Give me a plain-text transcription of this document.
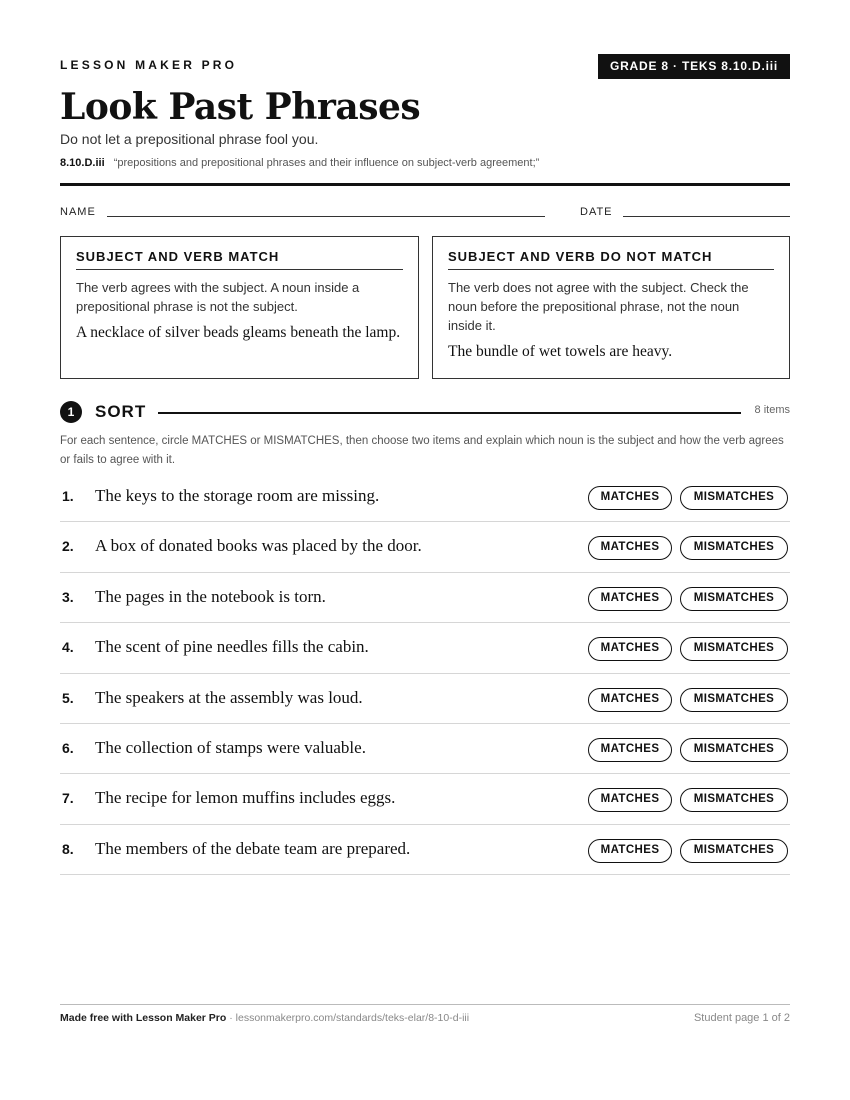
LESSON MAKER PRO	GRADE 8 · TEKS 8.10.D.iii
Look Past Phrases
Do not let a prepositional phrase fool you.
8.10.D.iii “prepositions and prepositional phrases and their influence on subject-verb agreement;”
NAME	DATE
SUBJECT AND VERB MATCH
The verb agrees with the subject. A noun inside a prepositional phrase is not the subject.
A necklace of silver beads gleams beneath the lamp.
SUBJECT AND VERB DO NOT MATCH
The verb does not agree with the subject. Check the noun before the prepositional phrase, not the noun inside it.
The bundle of wet towels are heavy.
1	SORT	8 items
For each sentence, circle MATCHES or MISMATCHES, then choose two items and explain which noun is the subject and how the verb agrees or fails to agree with it.
1. The keys to the storage room are missing.	MATCHES	MISMATCHES
2. A box of donated books was placed by the door.	MATCHES	MISMATCHES
3. The pages in the notebook is torn.	MATCHES	MISMATCHES
4. The scent of pine needles fills the cabin.	MATCHES	MISMATCHES
5. The speakers at the assembly was loud.	MATCHES	MISMATCHES
6. The collection of stamps were valuable.	MATCHES	MISMATCHES
7. The recipe for lemon muffins includes eggs.	MATCHES	MISMATCHES
8. The members of the debate team are prepared.	MATCHES	MISMATCHES
Made free with Lesson Maker Pro · lessonmakerpro.com/standards/teks-elar/8-10-d-iii	Student page 1 of 2
